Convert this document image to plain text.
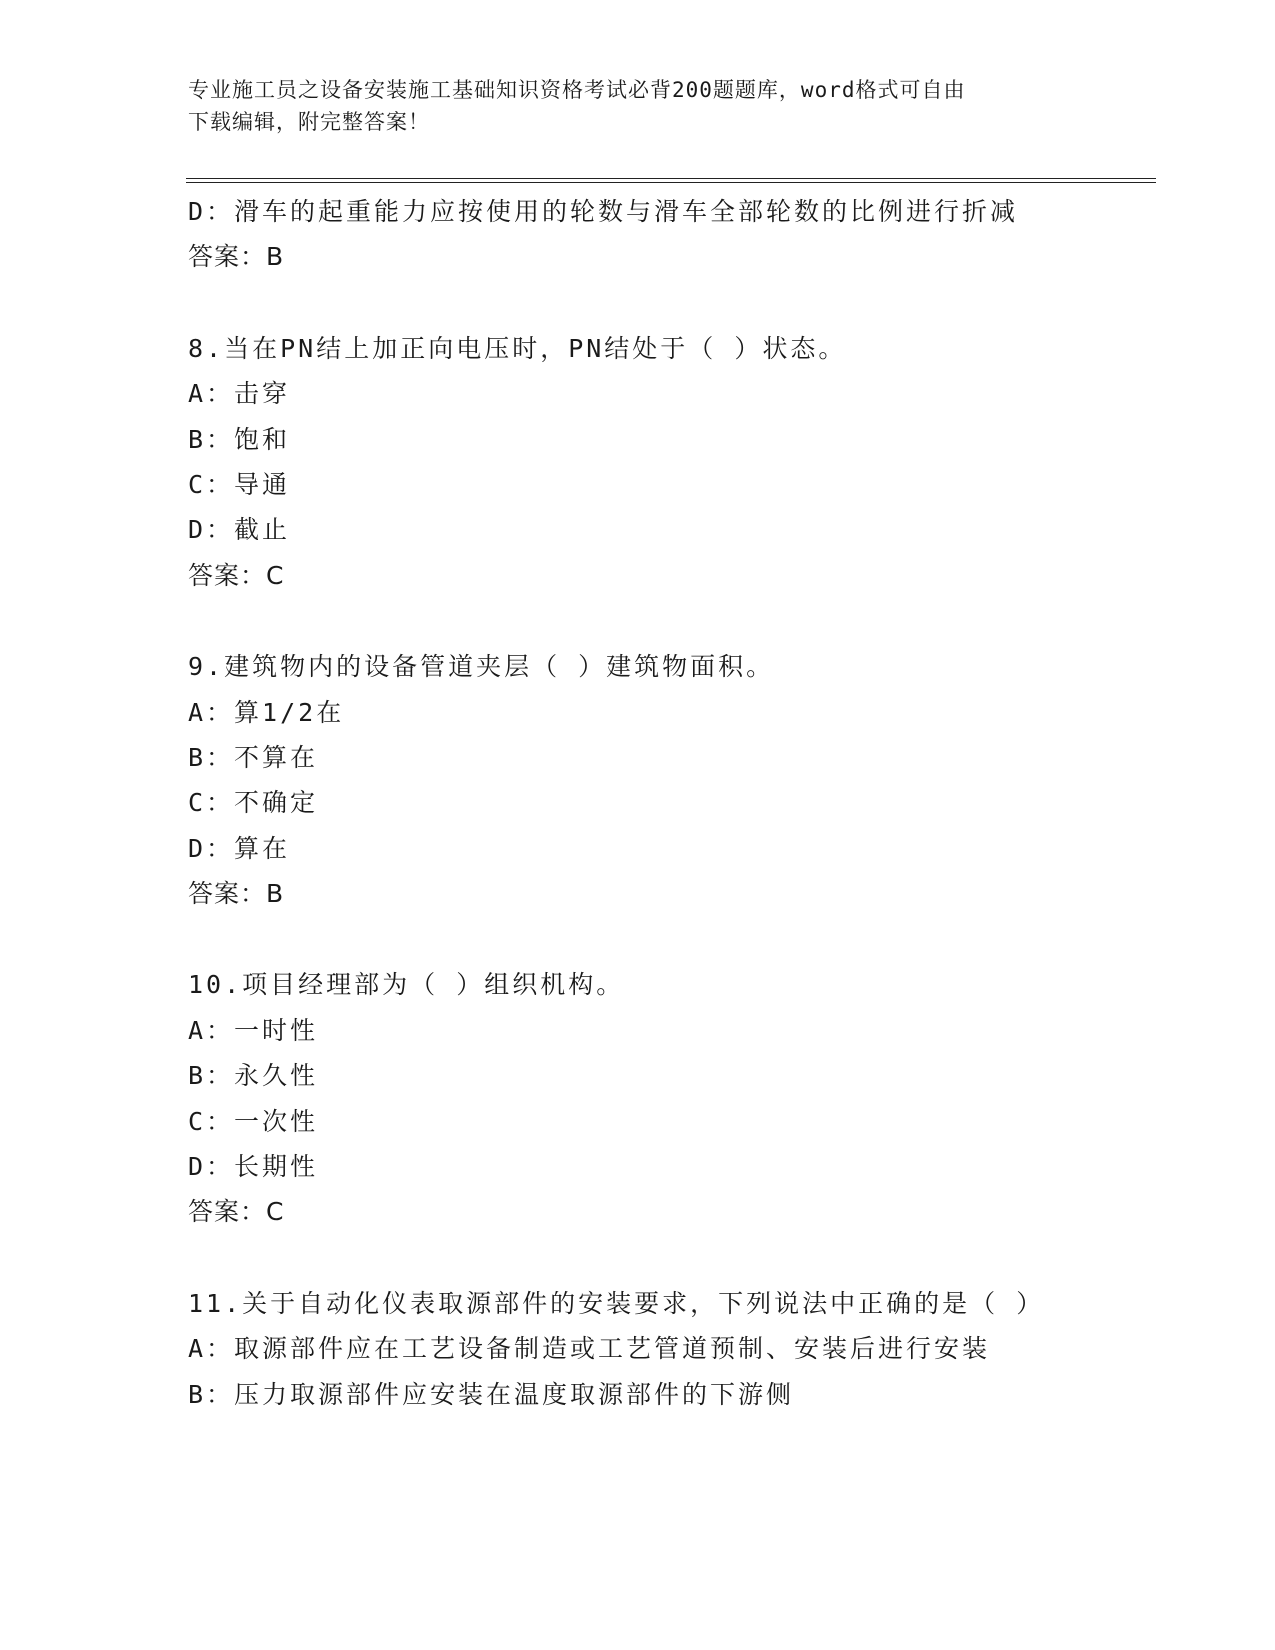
专业施工员之设备安装施工基础知识资格考试必背200题题库，word格式可自由
下载编辑，附完整答案！
D：滑车的起重能力应按使用的轮数与滑车全部轮数的比例进行折减
答案：B
8.当在PN结上加正向电压时，PN结处于（ ）状态。
A：击穿
B：饱和
C：导通
D：截止
答案：C
9.建筑物内的设备管道夹层（ ）建筑物面积。
A：算1/2在
B：不算在
C：不确定
D：算在
答案：B
10.项目经理部为（ ）组织机构。
A：一时性
B：永久性
C：一次性
D：长期性
答案：C
11.关于自动化仪表取源部件的安装要求，下列说法中正确的是（ ）
A：取源部件应在工艺设备制造或工艺管道预制、安装后进行安装
B：压力取源部件应安装在温度取源部件的下游侧
